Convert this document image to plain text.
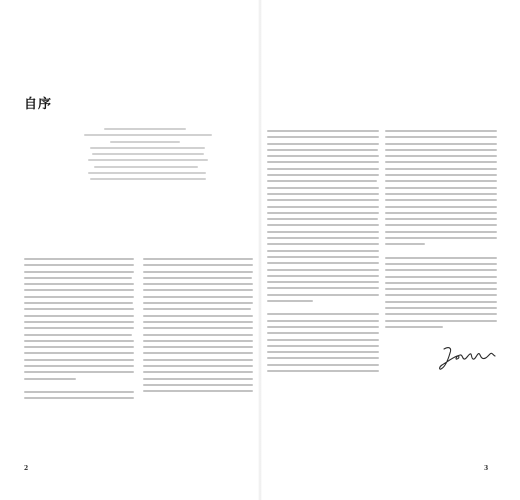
自序
2	3
